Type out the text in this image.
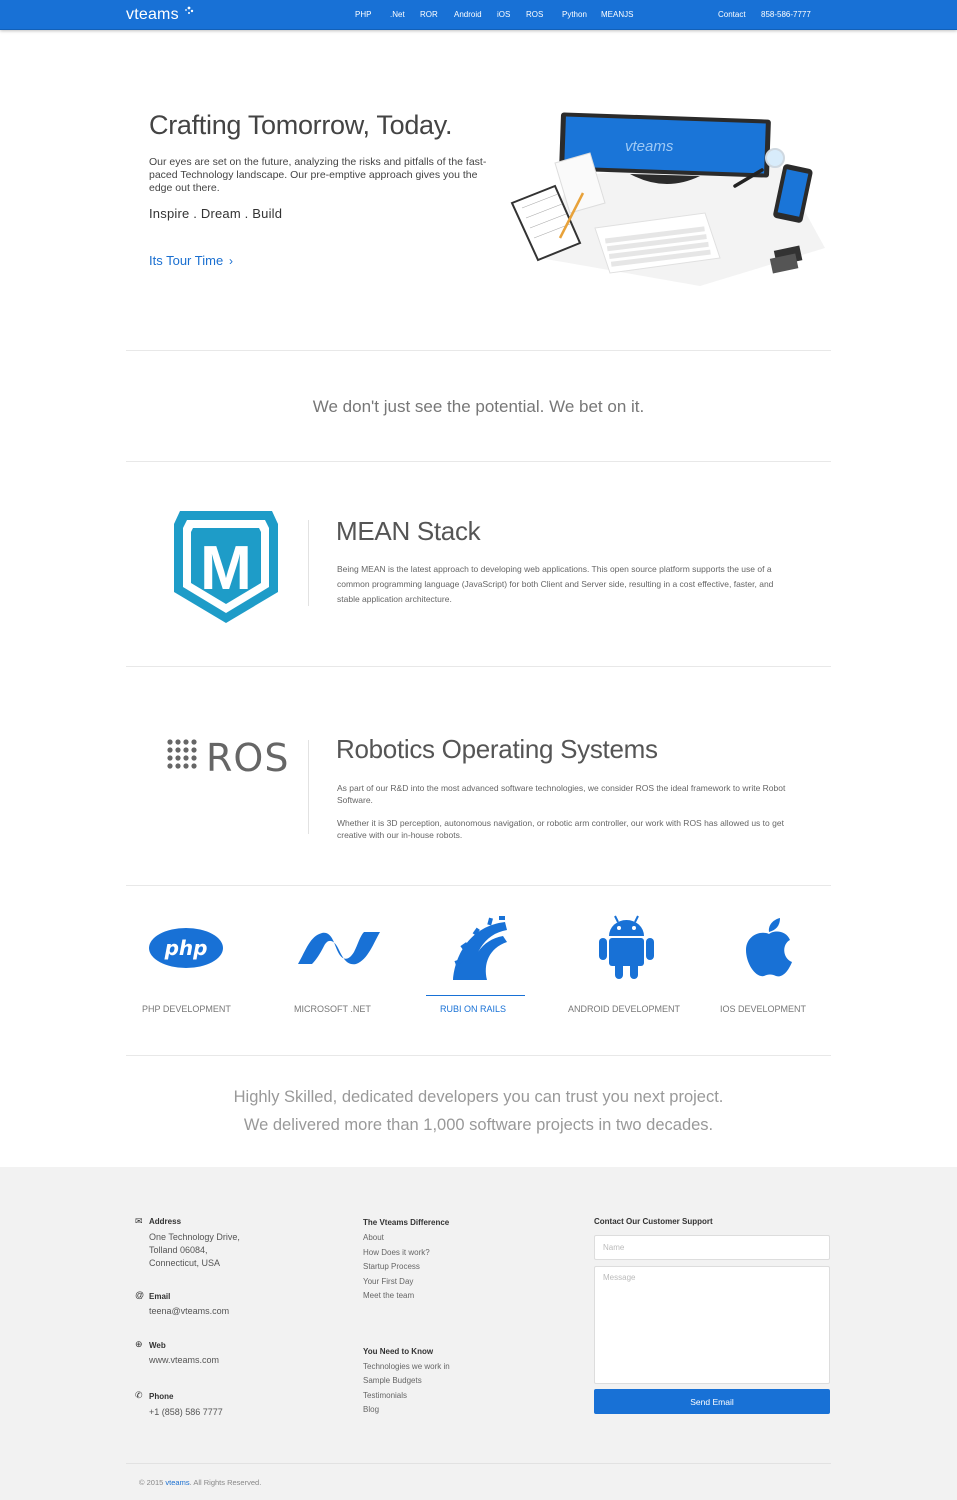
vteams	PHP .Net ROR Android iOS ROS Python MEANJS	Contact 858-586-7777
Crafting Tomorrow, Today.

Our eyes are set on the future, analyzing the risks and pitfalls of the fast-paced Technology landscape. Our pre-emptive approach gives you the edge out there.

Inspire . Dream . Build

Its Tour Time ›
vteams
We don't just see the potential. We bet on it.
M
MEAN Stack

Being MEAN is the latest approach to developing web applications. This open source platform supports the use of a common programming language (JavaScript) for both Client and Server side, resulting in a cost effective, faster, and stable application architecture.

ROS Robotics Operating Systems

As part of our R&D into the most advanced software technologies, we consider ROS the ideal framework to write Robot Software.

Whether it is 3D perception, autonomous navigation, or robotic arm controller, our work with ROS has allowed us to get creative with our in-house robots.

php
PHP DEVELOPMENT	MICROSOFT .NET	RUBI ON RAILS	ANDROID DEVELOPMENT	IOS DEVELOPMENT

Highly Skilled, dedicated developers you can trust you next project.

We delivered more than 1,000 software projects in two decades.

✉ Address
One Technology Drive,
Tolland 06084,
Connecticut, USA
@ Email
teena@vteams.com
⊕ Web
www.vteams.com
✆ Phone
+1 (858) 586 7777
The Vteams Difference
About
How Does it work?
Startup Process
Your First Day
Meet the team
You Need to Know
Technologies we work in
Sample Budgets
Testimonials
Blog
Contact Our Customer Support
Name
Message
Send Email
© 2015 vteams. All Rights Reserved.
